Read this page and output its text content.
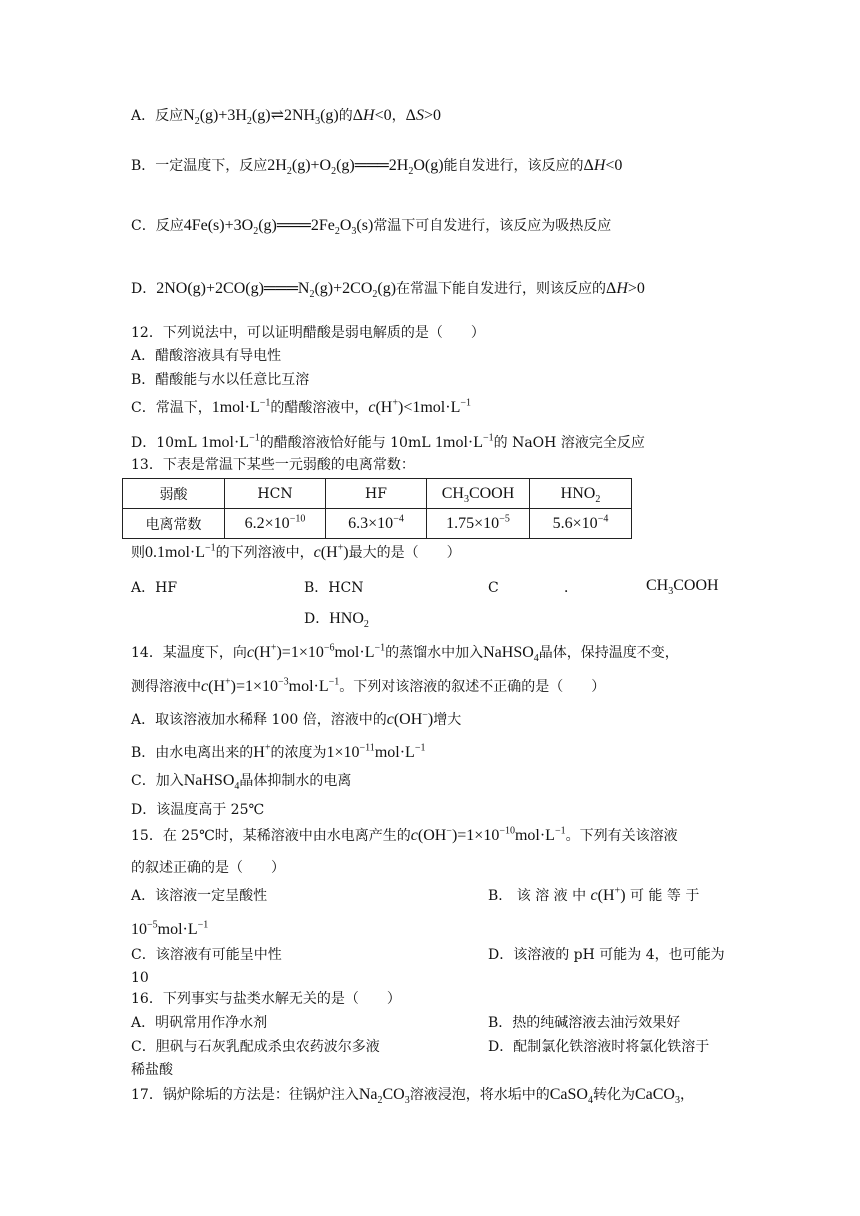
A．反应$N_2(g)+3H_2(g)\rightleftharpoons 2NH_3(g)$的ΔH<0，ΔS>0
B．一定温度下，反应$2H_2(g)+O_2(g)═══2H_2O(g)$能自发进行，该反应的ΔH<0
C．反应$4Fe(s)+3O_2(g)═══2Fe_2O_3(s)$常温下可自发进行，该反应为吸热反应
D．$2NO(g)+2CO(g)═══N_2(g)+2CO_2(g)$在常温下能自发进行，则该反应的ΔH>0
12．下列说法中，可以证明醋酸是弱电解质的是（　　）
A．醋酸溶液具有导电性
B．醋酸能与水以任意比互溶
C．常温下，$1mol\cdot L^{-1}$的醋酸溶液中，$c(H^+)<1mol\cdot L^{-1}$
D．10mL $1mol\cdot L^{-1}$的醋酸溶液恰好能与 10mL $1mol\cdot L^{-1}$的 NaOH 溶液完全反应
13．下表是常温下某些一元弱酸的电离常数：
弱酸	HCN	HF	$CH_3COOH$	$HNO_2$
电离常数	$6.2\times 10^{-10}$	$6.3\times 10^{-4}$	$1.75\times 10^{-5}$	$5.6\times 10^{-4}$
则$0.1mol\cdot L^{-1}$的下列溶液中，c(H+)最大的是（　　）
A．HF	B．HCN	C	．	$CH_3COOH$
D．$HNO_2$
14．某温度下，向$c(H^+)=1\times 10^{-6}mol\cdot L^{-1}$的蒸馏水中加入NaHSO$_4$晶体，保持温度不变，
测得溶液中$c(H^+)=1\times 10^{-3}mol\cdot L^{-1}$。下列对该溶液的叙述不正确的是（　　）
A．取该溶液加水稀释 100 倍，溶液中的c(OH−)增大
B．由水电离出来的H+的浓度为$1\times 10^{-11}mol\cdot L^{-1}$
C．加入NaHSO$_4$晶体抑制水的电离
D．该温度高于 25℃
15．在 25℃时，某稀溶液中由水电离产生的$c(OH^-)=1\times 10^{-10}mol\cdot L^{-1}$。下列有关该溶液
的叙述正确的是（　　）
A．该溶液一定呈酸性	B． 该 溶 液 中 c(H+) 可 能 等 于
$10^{-5}mol\cdot L^{-1}$
C．该溶液有可能呈中性	D．该溶液的 pH 可能为 4，也可能为
10
16．下列事实与盐类水解无关的是（　　）
A．明矾常用作净水剂	B．热的纯碱溶液去油污效果好
C．胆矾与石灰乳配成杀虫农药波尔多液	D．配制氯化铁溶液时将氯化铁溶于
稀盐酸
17．锅炉除垢的方法是：往锅炉注入$Na_2CO_3$溶液浸泡，将水垢中的CaSO$_4$转化为CaCO$_3$，
